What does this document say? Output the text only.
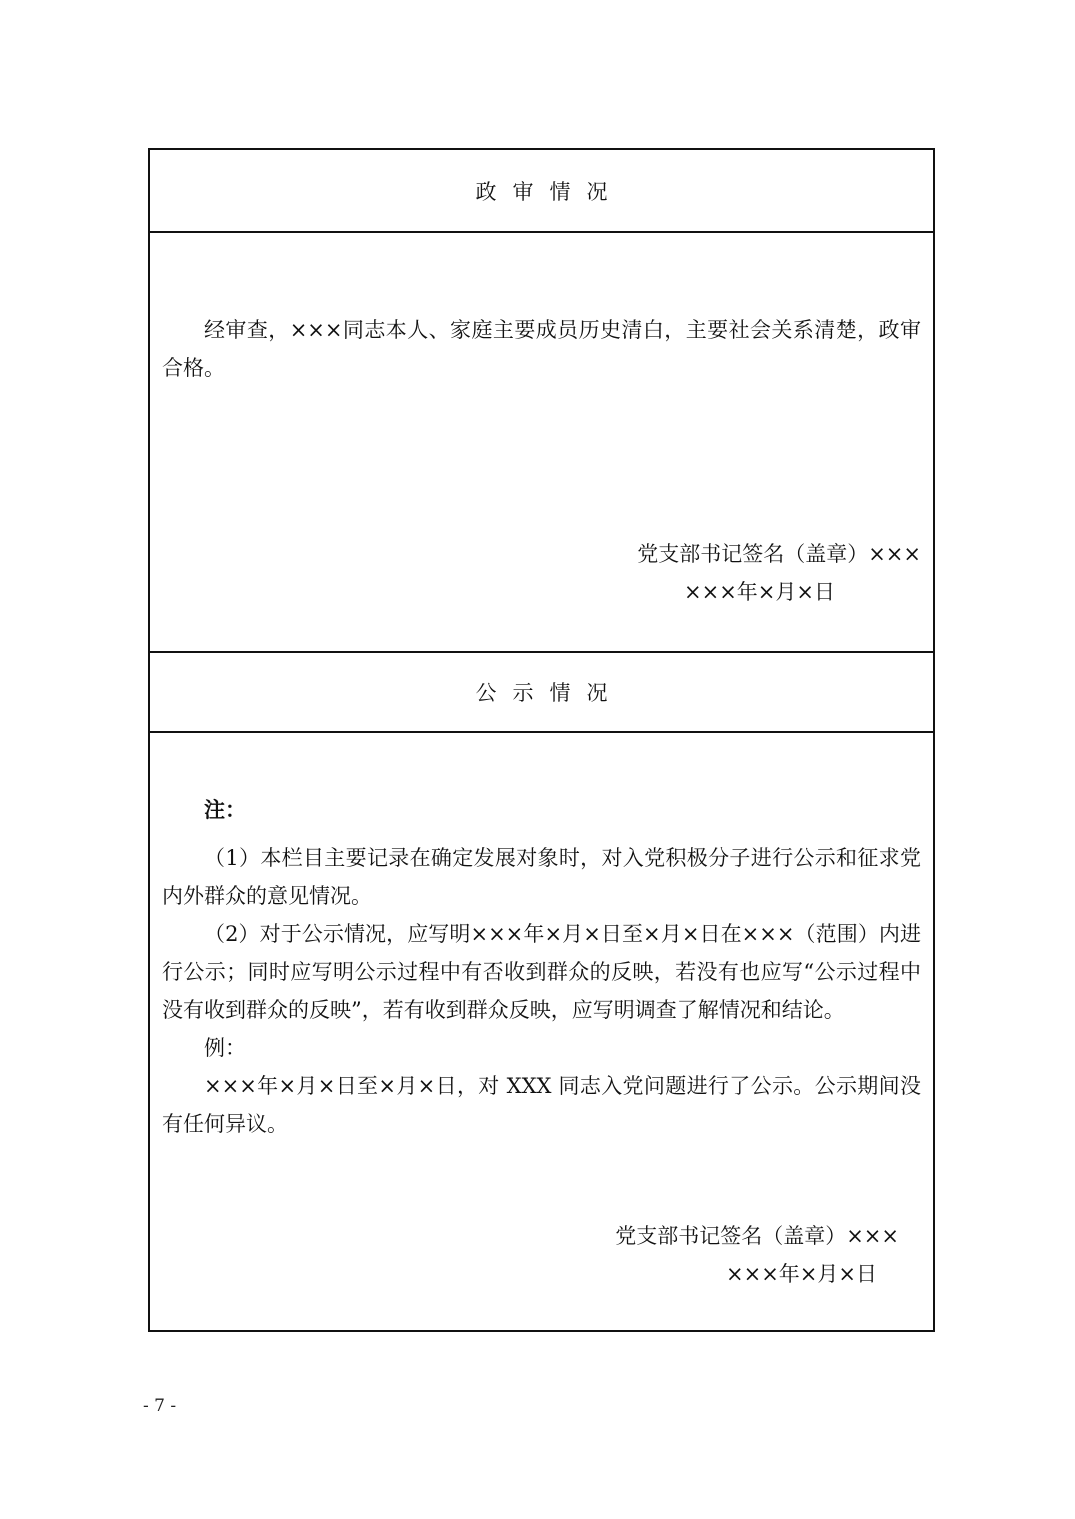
政审情况

经审查，×××同志本人、家庭主要成员历史清白，主要社会关系清楚，政审合格。

党支部书记签名（盖章）×××
×××年×月×日
公示情况
注：

（1）本栏目主要记录在确定发展对象时，对入党积极分子进行公示和征求党内外群众的意见情况。

（2）对于公示情况，应写明×××年×月×日至×月×日在×××（范围）内进行公示；同时应写明公示过程中有否收到群众的反映，若没有也应写“公示过程中没有收到群众的反映”，若有收到群众反映，应写明调查了解情况和结论。

例：

×××年×月×日至×月×日，对 XXX 同志入党问题进行了公示。公示期间没有任何异议。

党支部书记签名（盖章）×××
×××年×月×日
- 7 -
